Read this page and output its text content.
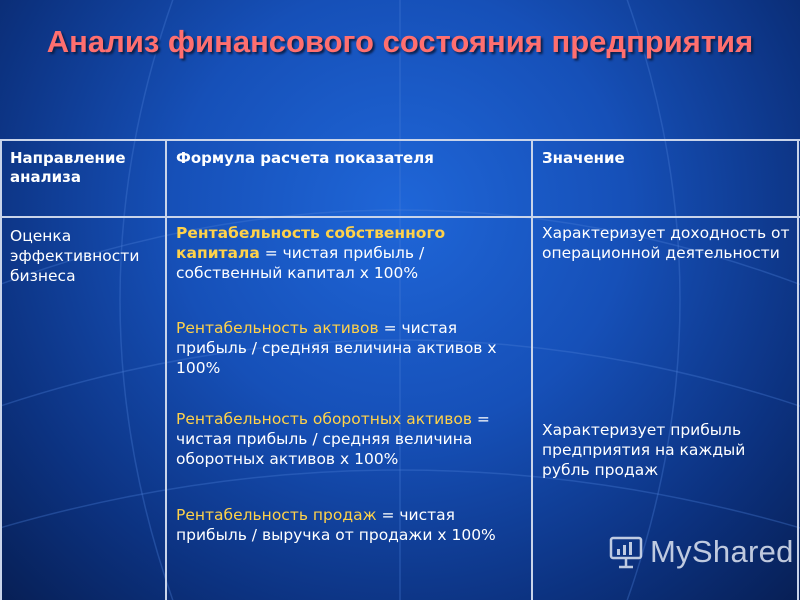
Анализ финансового состояния предприятия
Направление анализа
Формула расчета показателя	Значение
Оценка эффективности бизнеса
Рентабельность собственного
капитала = чистая прибыль / собственный капитал x 100%
Рентабельность активов = чистая прибыль / средняя величина активов x 100%
Рентабельность оборотных активов = чистая прибыль / средняя величина оборотных активов x 100%
Рентабельность продаж = чистая прибыль / выручка от продажи x 100%
Характеризует доходность от операционной деятельности
Характеризует прибыль предприятия на каждый рубль продаж
MyShared
